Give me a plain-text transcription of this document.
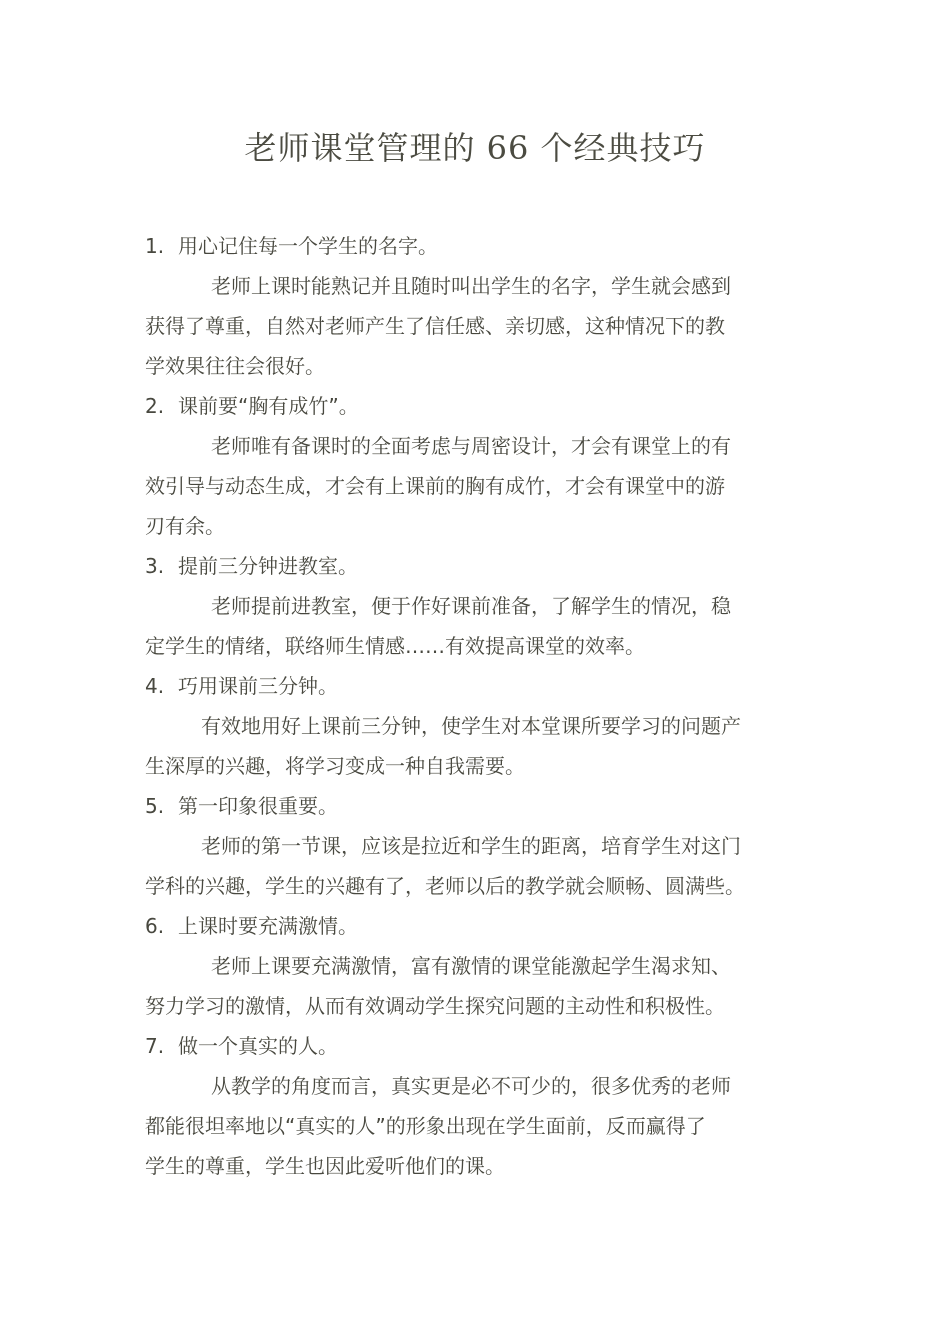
老师课堂管理的 66 个经典技巧
1. 用心记住每一个学生的名字。
老师上课时能熟记并且随时叫出学生的名字，学生就会感到
获得了尊重，自然对老师产生了信任感、亲切感，这种情况下的教
学效果往往会很好。
2. 课前要“胸有成竹”。
老师唯有备课时的全面考虑与周密设计，才会有课堂上的有
效引导与动态生成，才会有上课前的胸有成竹，才会有课堂中的游
刃有余。
3. 提前三分钟进教室。
老师提前进教室，便于作好课前准备，了解学生的情况，稳
定学生的情绪，联络师生情感……有效提高课堂的效率。
4. 巧用课前三分钟。
有效地用好上课前三分钟，使学生对本堂课所要学习的问题产
生深厚的兴趣，将学习变成一种自我需要。
5. 第一印象很重要。
老师的第一节课，应该是拉近和学生的距离，培育学生对这门
学科的兴趣，学生的兴趣有了，老师以后的教学就会顺畅、圆满些。
6. 上课时要充满激情。
老师上课要充满激情，富有激情的课堂能激起学生渴求知、
努力学习的激情，从而有效调动学生探究问题的主动性和积极性。
7. 做一个真实的人。
从教学的角度而言，真实更是必不可少的，很多优秀的老师
都能很坦率地以“真实的人”的形象出现在学生面前，反而赢得了
学生的尊重，学生也因此爱听他们的课。
